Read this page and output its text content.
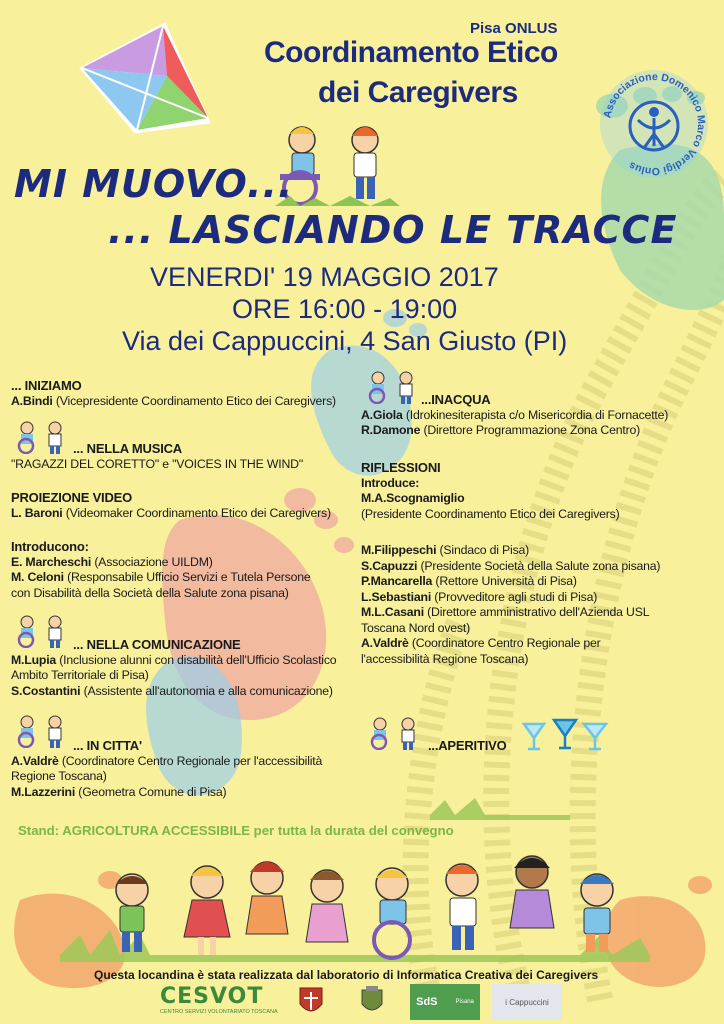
Pisa ONLUS
Coordinamento Etico
dei Caregivers
Associazione Domenico Marco Verdigi Onlus
MI MUOVO...
... LASCIANDO LE TRACCE
VENERDI' 19 MAGGIO 2017
ORE 16:00 - 19:00
Via dei Cappuccini, 4 San Giusto (PI)
... INIZIAMO
A.Bindi (Vicepresidente Coordinamento Etico dei Caregivers)
... NELLA MUSICA
"RAGAZZI DEL CORETTO" e "VOICES IN THE WIND"
PROIEZIONE VIDEO
L. Baroni (Videomaker Coordinamento Etico dei Caregivers)
Introducono:
E. Marcheschi (Associazione UILDM)
M. Celoni (Responsabile Ufficio Servizi e Tutela Persone
con Disabilità della Società della Salute zona pisana)
... NELLA COMUNICAZIONE
M.Lupia (Inclusione alunni con disabilità dell'Ufficio Scolastico
Ambito Territoriale di Pisa)
S.Costantini (Assistente all'autonomia e alla comunicazione)
... IN CITTA'
A.Valdrè (Coordinatore Centro Regionale per l'accessibilità
Regione Toscana)
M.Lazzerini (Geometra Comune di Pisa)
...INACQUA
A.Giola (Idrokinesiterapista c/o Misericordia di Fornacette)
R.Damone (Direttore Programmazione Zona Centro)
RIFLESSIONI
Introduce:
M.A.Scognamiglio
(Presidente Coordinamento Etico dei Caregivers)
M.Filippeschi (Sindaco di Pisa)
S.Capuzzi (Presidente Società della Salute zona pisana)
P.Mancarella (Rettore Università di Pisa)
L.Sebastiani (Provveditore agli studi di Pisa)
M.L.Casani (Direttore amministrativo dell'Azienda USL
Toscana Nord ovest)
A.Valdrè (Coordinatore Centro Regionale per
l'accessibilità Regione Toscana)
...APERITIVO
Stand: AGRICOLTURA ACCESSIBILE per tutta la durata del convegno
Questa locandina è stata realizzata dal laboratorio di Informatica Creativa dei Caregivers
CESVOT
CENTRO SERVIZI VOLONTARIATO TOSCANA
SdS	Pisana	i Cappuccini
